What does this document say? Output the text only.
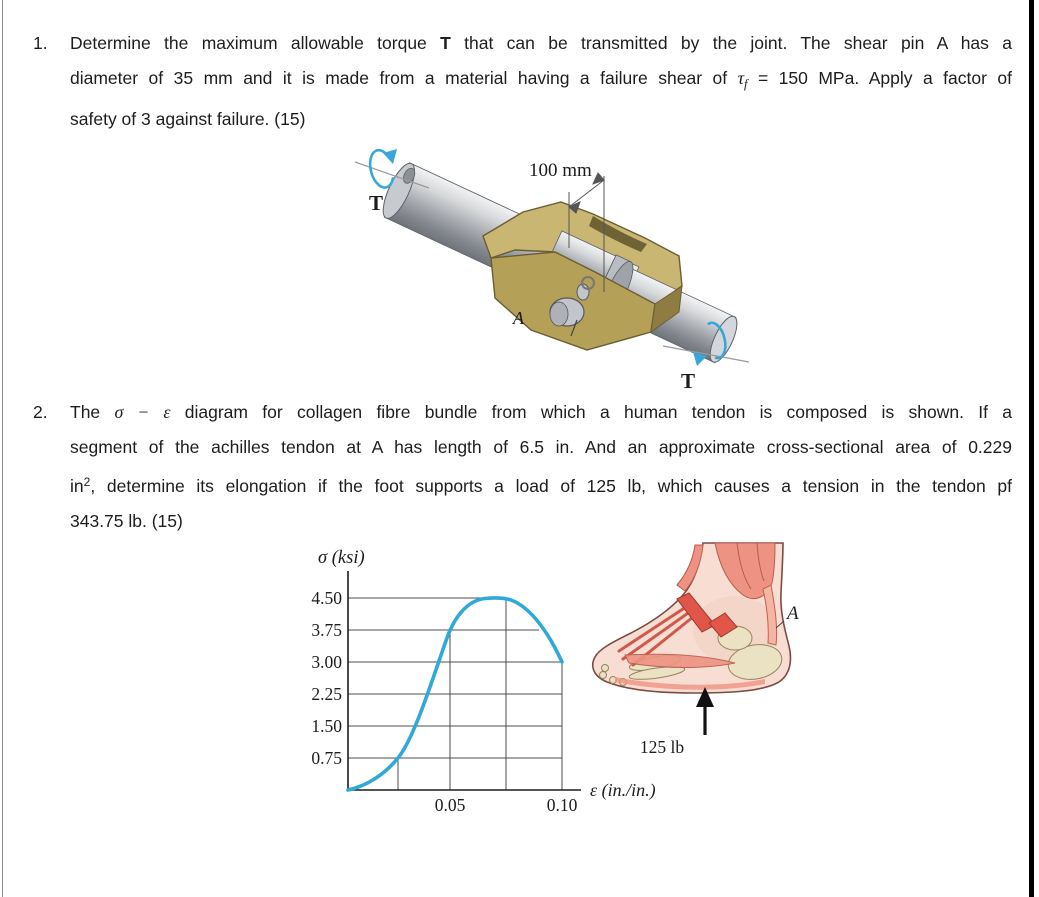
1. Determine the maximum allowable torque T that can be transmitted by the joint. The shear pin A has a
diameter of 35 mm and it is made from a material having a failure shear of $\tau_f = 150$ MPa. Apply a factor of
safety of 3 against failure. (15)
A
100 mm
T
T
2. The σ − ε diagram for collagen fibre bundle from which a human tendon is composed is shown. If a
segment of the achilles tendon at A has length of 6.5 in. And an approximate cross-sectional area of 0.229
$in^2$, determine its elongation if the foot supports a load of 125 lb, which causes a tension in the tendon pf
343.75 lb. (15)
σ (ksi)
4.50
3.75
3.00
2.25
1.50
0.75
0.05	0.10
ε (in./in.)
A
125 lb
